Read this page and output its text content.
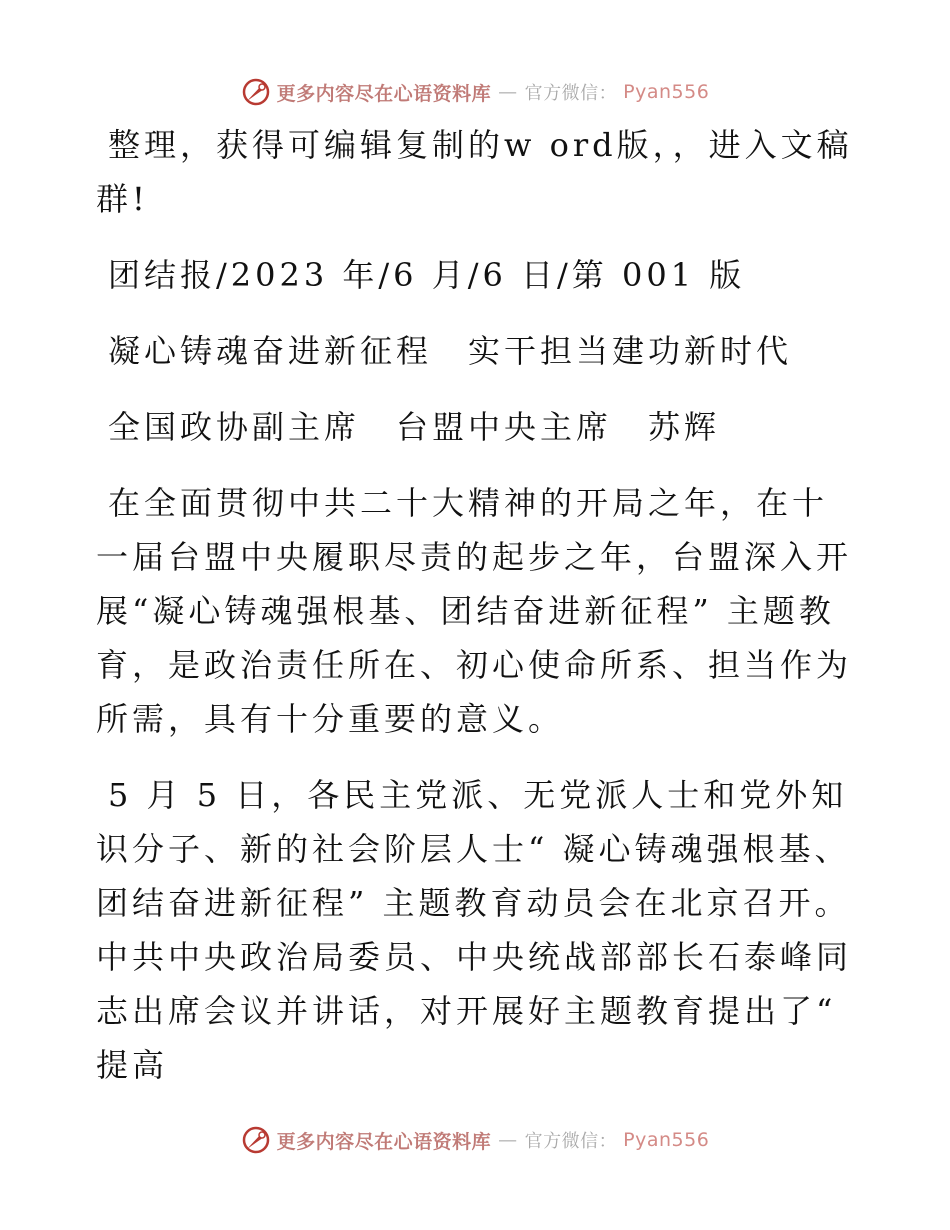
更多内容尽在心语资料库 — 官方微信： Pyan556

整理，获得可编辑复制的w ord版，，进入文稿群!

团结报/2023 年/6 月/6 日/第 001 版

凝心铸魂奋进新征程　实干担当建功新时代

全国政协副主席　台盟中央主席　苏辉

在全面贯彻中共二十大精神的开局之年，在十一届台盟中央履职尽责的起步之年，台盟深入开展“凝心铸魂强根基、团结奋进新征程” 主题教育，是政治责任所在、初心使命所系、担当作为所需，具有十分重要的意义。

5 月 5 日，各民主党派、无党派人士和党外知识分子、新的社会阶层人士“ 凝心铸魂强根基、团结奋进新征程” 主题教育动员会在北京召开。中共中央政治局委员、中央统战部部长石泰峰同志出席会议并讲话，对开展好主题教育提出了“ 提高

更多内容尽在心语资料库 — 官方微信： Pyan556
